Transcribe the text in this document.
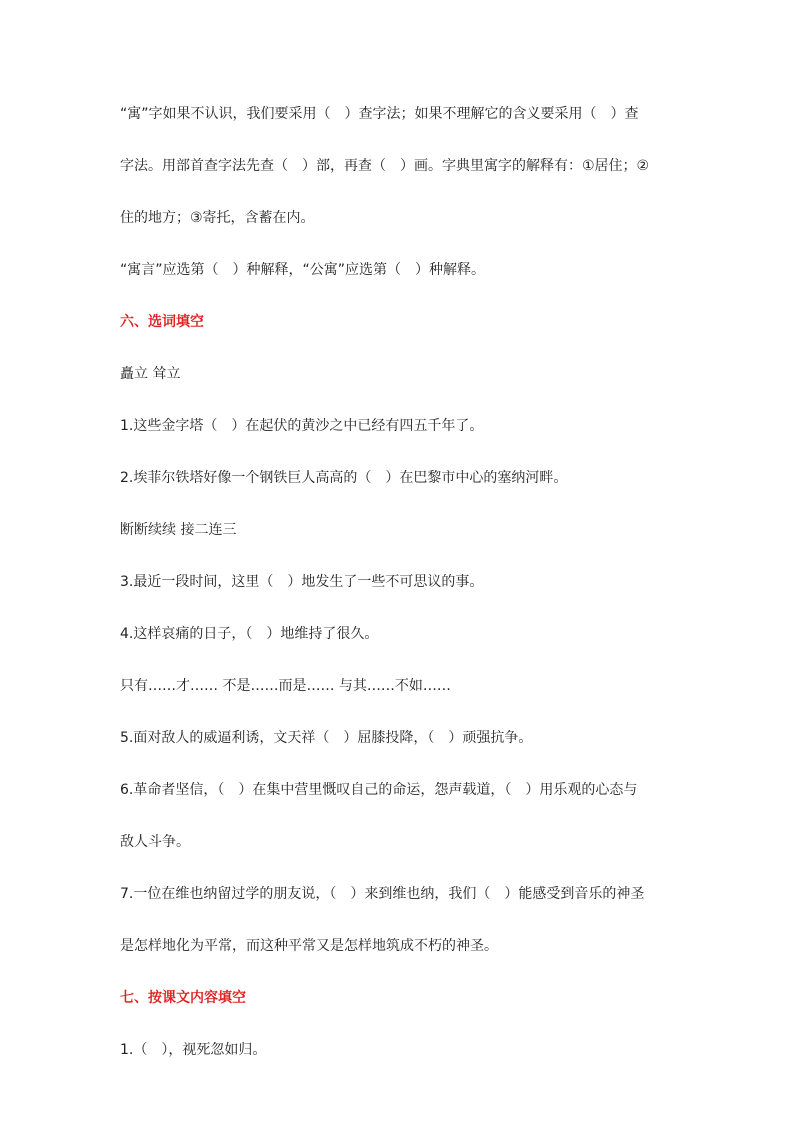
“寓”字如果不认识，我们要采用（　）查字法；如果不理解它的含义要采用（　）查

字法。用部首查字法先查（　）部，再查（　）画。字典里寓字的解释有：①居住；②

住的地方；③寄托，含蓄在内。

“寓言”应选第（　）种解释，“公寓”应选第（　）种解释。

六、选词填空

矗立 耸立

1.这些金字塔（　）在起伏的黄沙之中已经有四五千年了。

2.埃菲尔铁塔好像一个钢铁巨人高高的（　）在巴黎市中心的塞纳河畔。

断断续续 接二连三

3.最近一段时间，这里（　）地发生了一些不可思议的事。

4.这样哀痛的日子，（　）地维持了很久。

只有……才…… 不是……而是…… 与其……不如……

5.面对敌人的威逼利诱，文天祥（　）屈膝投降，（　）顽强抗争。

6.革命者坚信，（　）在集中营里慨叹自己的命运，怨声载道，（　）用乐观的心态与

敌人斗争。

7.一位在维也纳留过学的朋友说，（　）来到维也纳，我们（　）能感受到音乐的神圣

是怎样地化为平常，而这种平常又是怎样地筑成不朽的神圣。

七、按课文内容填空

1.（　），视死忽如归。
